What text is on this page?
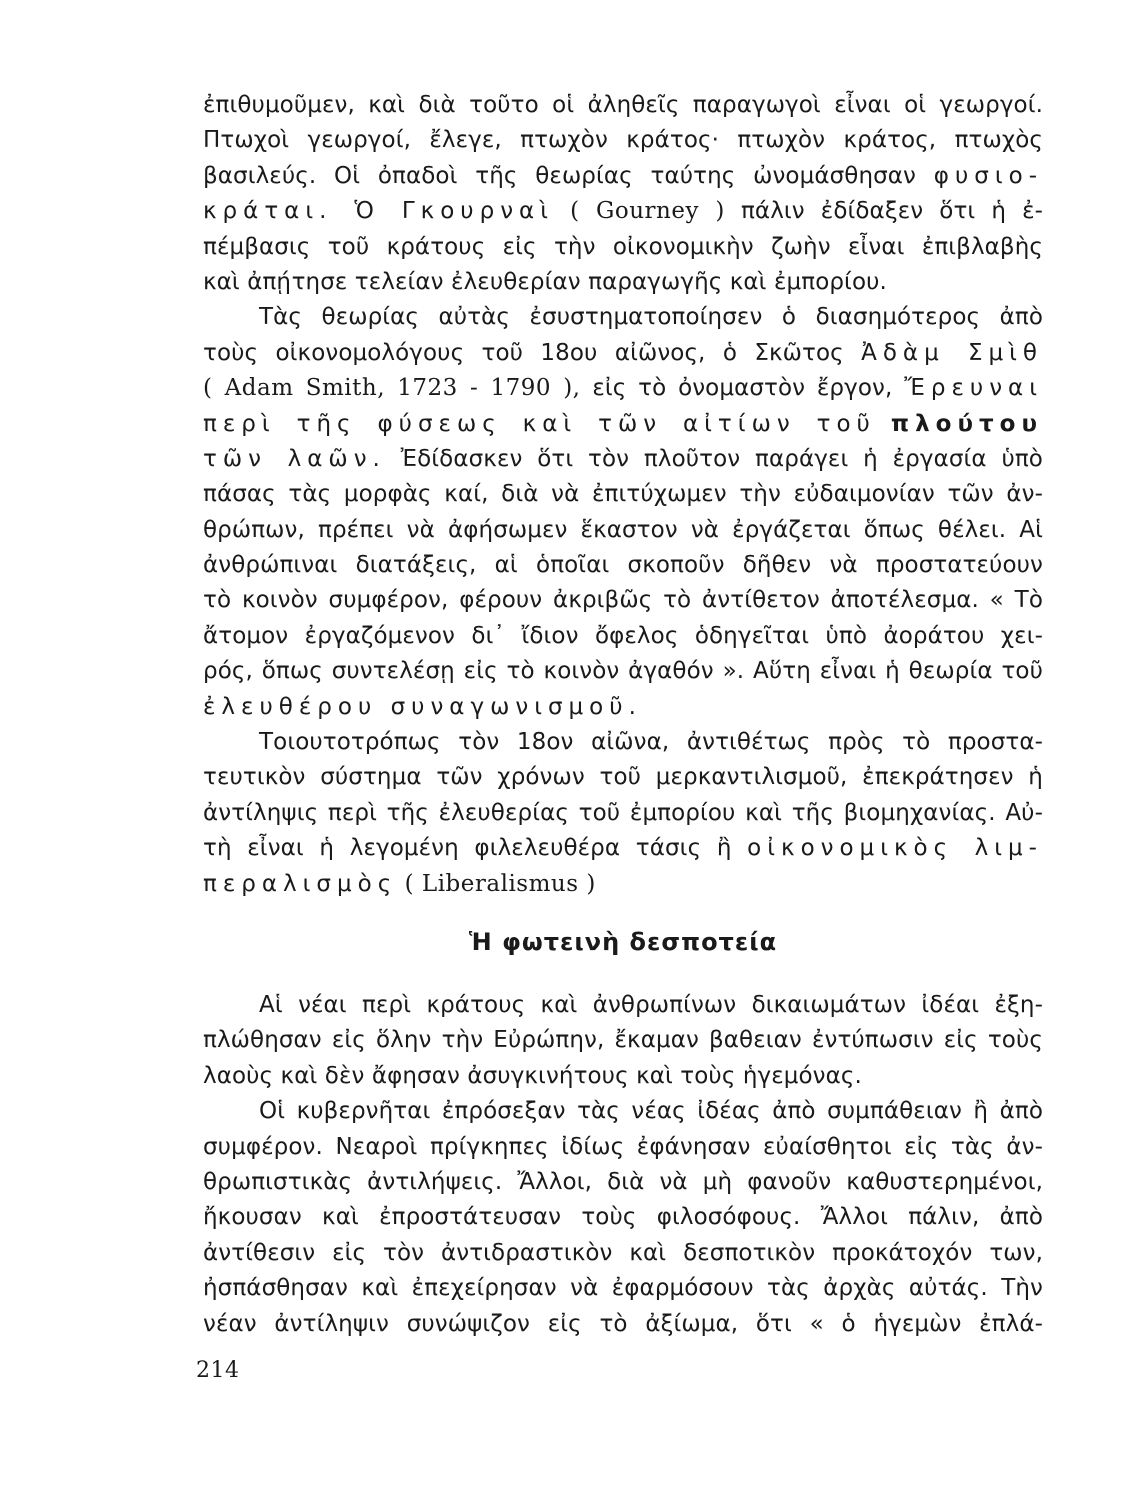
ἐπιθυμοῦμεν, καὶ διὰ τοῦτο οἱ ἀληθεῖς παραγωγοὶ εἶναι οἱ γεωργοί.
Πτωχοὶ γεωργοί, ἔλεγε, πτωχὸν κράτος· πτωχὸν κράτος, πτωχὸς
βασιλεύς. Οἱ ὀπαδοὶ τῆς θεωρίας ταύτης ὠνομάσθησαν φυσιο-
κράται. Ὁ Γκουρναὶ ( Gourney ) πάλιν ἐδίδαξεν ὅτι ἡ ἐ-
πέμβασις τοῦ κράτους εἰς τὴν οἰκονομικὴν ζωὴν εἶναι ἐπιβλαβὴς
καὶ ἀπῄτησε τελείαν ἐλευθερίαν παραγωγῆς καὶ ἐμπορίου.
Τὰς θεωρίας αὐτὰς ἐσυστηματοποίησεν ὁ διασημότερος ἀπὸ
τοὺς οἰκονομολόγους τοῦ 18ου αἰῶνος, ὁ Σκῶτος Ἀδὰμ Σμὶθ
( Adam Smith, 1723 - 1790 ), εἰς τὸ ὀνομαστὸν ἔργον, Ἔρευναι
περὶ τῆς φύσεως καὶ τῶν αἰτίων τοῦ πλούτου
τῶν λαῶν. Ἐδίδασκεν ὅτι τὸν πλοῦτον παράγει ἡ ἐργασία ὑπὸ
πάσας τὰς μορφὰς καί, διὰ νὰ ἐπιτύχωμεν τὴν εὐδαιμονίαν τῶν ἀν-
θρώπων, πρέπει νὰ ἀφήσωμεν ἕκαστον νὰ ἐργάζεται ὅπως θέλει. Αἱ
ἀνθρώπιναι διατάξεις, αἱ ὁποῖαι σκοποῦν δῆθεν νὰ προστατεύουν
τὸ κοινὸν συμφέρον, φέρουν ἀκριβῶς τὸ ἀντίθετον ἀποτέλεσμα. « Τὸ
ἄτομον ἐργαζόμενον δι᾽ ἴδιον ὄφελος ὁδηγεῖται ὑπὸ ἀοράτου χει-
ρός, ὅπως συντελέσῃ εἰς τὸ κοινὸν ἀγαθόν ». Αὕτη εἶναι ἡ θεωρία τοῦ
ἐλευθέρου συναγωνισμοῦ.
Τοιουτοτρόπως τὸν 18ον αἰῶνα, ἀντιθέτως πρὸς τὸ προστα-
τευτικὸν σύστημα τῶν χρόνων τοῦ μερκαντιλισμοῦ, ἐπεκράτησεν ἡ
ἀντίληψις περὶ τῆς ἐλευθερίας τοῦ ἐμπορίου καὶ τῆς βιομηχανίας. Αὐ-
τὴ εἶναι ἡ λεγομένη φιλελευθέρα τάσις ἢ οἰκονομικὸς λιμ-
περαλισμὸς ( Liberalismus )
Ἡ φωτεινὴ δεσποτεία
Αἱ νέαι περὶ κράτους καὶ ἀνθρωπίνων δικαιωμάτων ἰδέαι ἐξη-
πλώθησαν εἰς ὅλην τὴν Εὐρώπην, ἔκαμαν βαθειαν ἐντύπωσιν εἰς τοὺς
λαοὺς καὶ δὲν ἄφησαν ἀσυγκινήτους καὶ τοὺς ἡγεμόνας.
Οἱ κυβερνῆται ἐπρόσεξαν τὰς νέας ἰδέας ἀπὸ συμπάθειαν ἢ ἀπὸ
συμφέρον. Νεαροὶ πρίγκηπες ἰδίως ἐφάνησαν εὐαίσθητοι εἰς τὰς ἀν-
θρωπιστικὰς ἀντιλήψεις. Ἄλλοι, διὰ νὰ μὴ φανοῦν καθυστερημένοι,
ἤκουσαν καὶ ἐπροστάτευσαν τοὺς φιλοσόφους. Ἄλλοι πάλιν, ἀπὸ
ἀντίθεσιν εἰς τὸν ἀντιδραστικὸν καὶ δεσποτικὸν προκάτοχόν των,
ἠσπάσθησαν καὶ ἐπεχείρησαν νὰ ἐφαρμόσουν τὰς ἀρχὰς αὐτάς. Τὴν
νέαν ἀντίληψιν συνώψιζον εἰς τὸ ἀξίωμα, ὅτι « ὁ ἡγεμὼν ἐπλά-
214
